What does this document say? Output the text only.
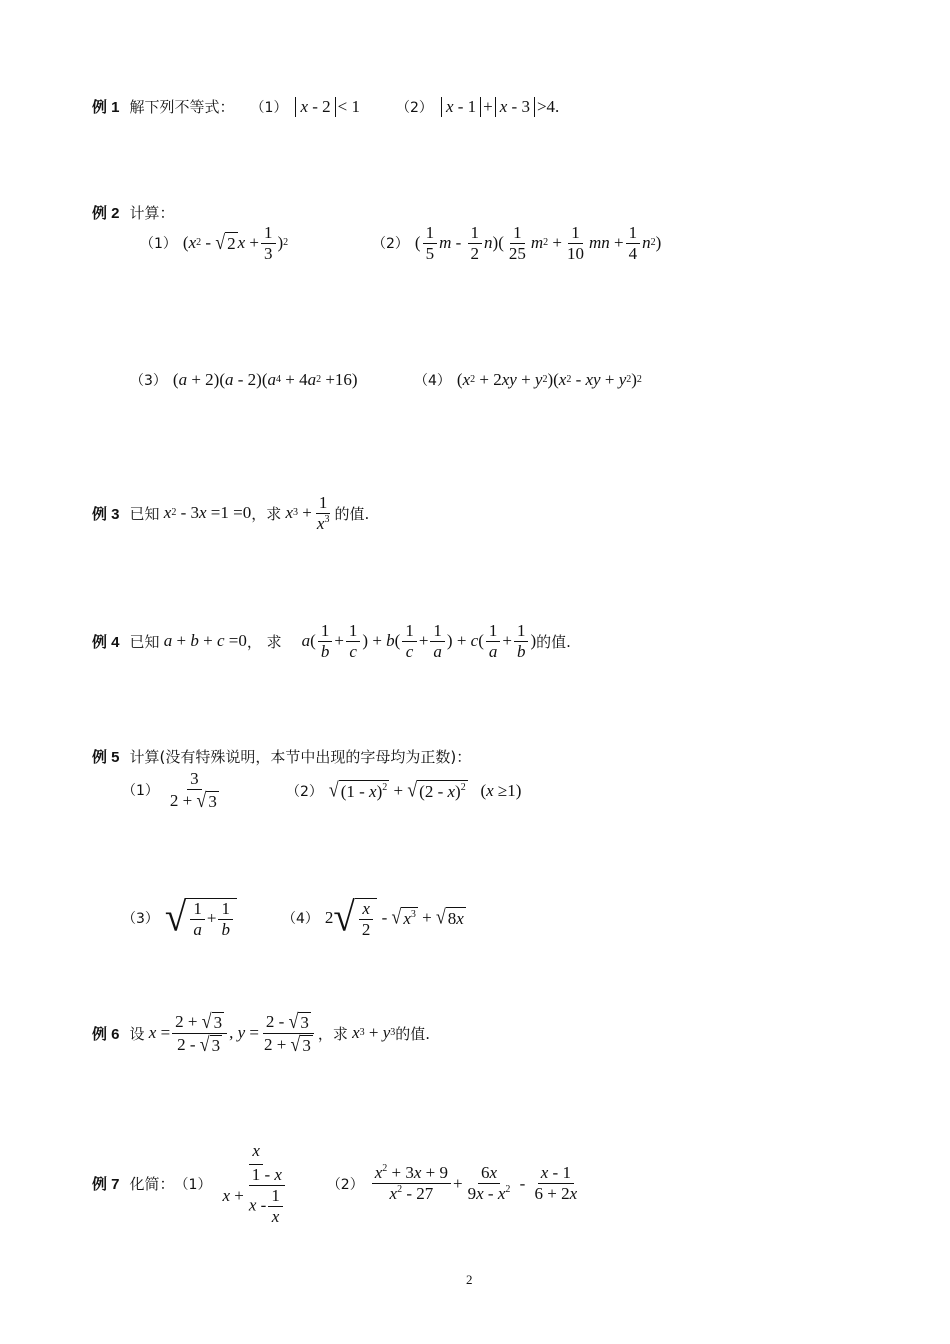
例 1 解下列不等式： （1） x - 2 < 1	（2） x - 1 + x - 3 >4.
例 2 计算：
（1） ( x 2 - √ 2 $x + \frac{1}{3}$ ) 2	（2） ( $\frac{1}{5}$ m - $\frac{1}{2}$ n )( $\frac{1}{25}$ m $2 + \frac{1}{10}$ mn + $\frac{1}{4}$ n 2 )
（3） ( a + 2)( a - 2)( a 4 + 4 a 2 +16)	（4） ( x 2 + 2 xy + y 2 )( x 2 - xy + y 2 ) 2
例 3 已知
x 2 - 3 x =1 =0 ，求
x $3 + \frac{1}{x^3}$ 的值.
例 4 已知
a + b + c =0 ， 求 a ( $\frac{1}{b} + \frac{1}{c}$ ) + b ( $\frac{1}{c} + \frac{1}{a}$ ) + c ( $\frac{1}{a} + \frac{1}{b}$ ) 的值.
例 5 计算(没有特殊说明，本节中出现的字母均为正数)：
$(1) \frac{3}{2 + √ 3}$	（2） √ (1 - x)$^2$ + √ (2 - x)$^2$ ( x ≥1)
（3） √ $\frac{1}{a} + \frac{1}{b}$	（4） 2 √ $\frac{x}{2}$ - √ $x^3$ + √ 8x
例 6 设
$x = \frac{2 + √ 3}{2 - √ 3}$ , $y = \frac{2 - √ 3}{2 + √ 3}$ ，求
x 3 + y 3 的值.
例 7 化简： $(1) \frac{x}{x + \frac{1 - x}{x - \frac{1}{x}}} (2) \frac{x^2 + 3x + 9}{x^2 - 27} + \frac{6x}{9x - x^2} - \frac{x - 1}{6 + 2x}$
2
